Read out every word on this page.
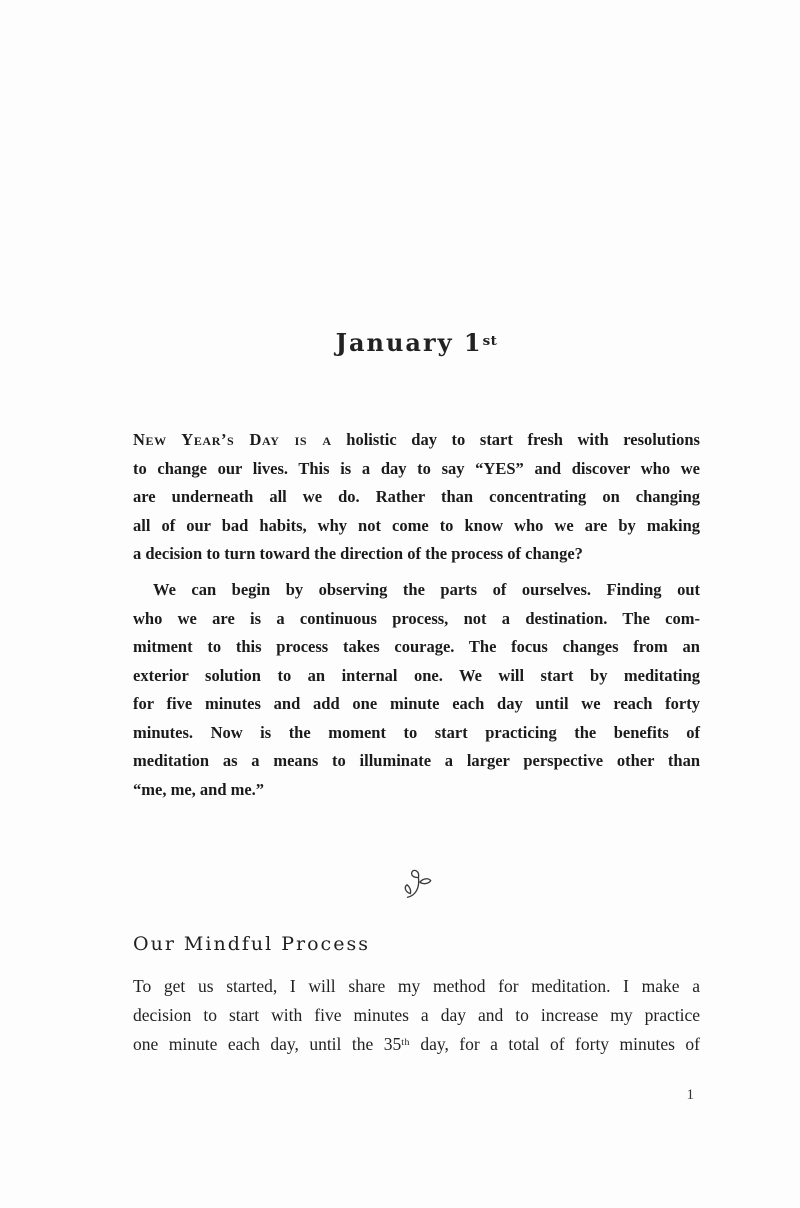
January 1st
New Year’s Day is a holistic day to start fresh with resolutions
to change our lives. This is a day to say “YES” and discover who we
are underneath all we do. Rather than concentrating on changing
all of our bad habits, why not come to know who we are by making
a decision to turn toward the direction of the process of change?
We can begin by observing the parts of ourselves. Finding out
who we are is a continuous process, not a destination. The com-
mitment to this process takes courage. The focus changes from an
exterior solution to an internal one. We will start by meditating
for five minutes and add one minute each day until we reach forty
minutes. Now is the moment to start practicing the benefits of
meditation as a means to illuminate a larger perspective other than
“me, me, and me.”
Our Mindful Process
To get us started, I will share my method for meditation. I make a
decision to start with five minutes a day and to increase my practice
one minute each day, until the 35th day, for a total of forty minutes of
1
